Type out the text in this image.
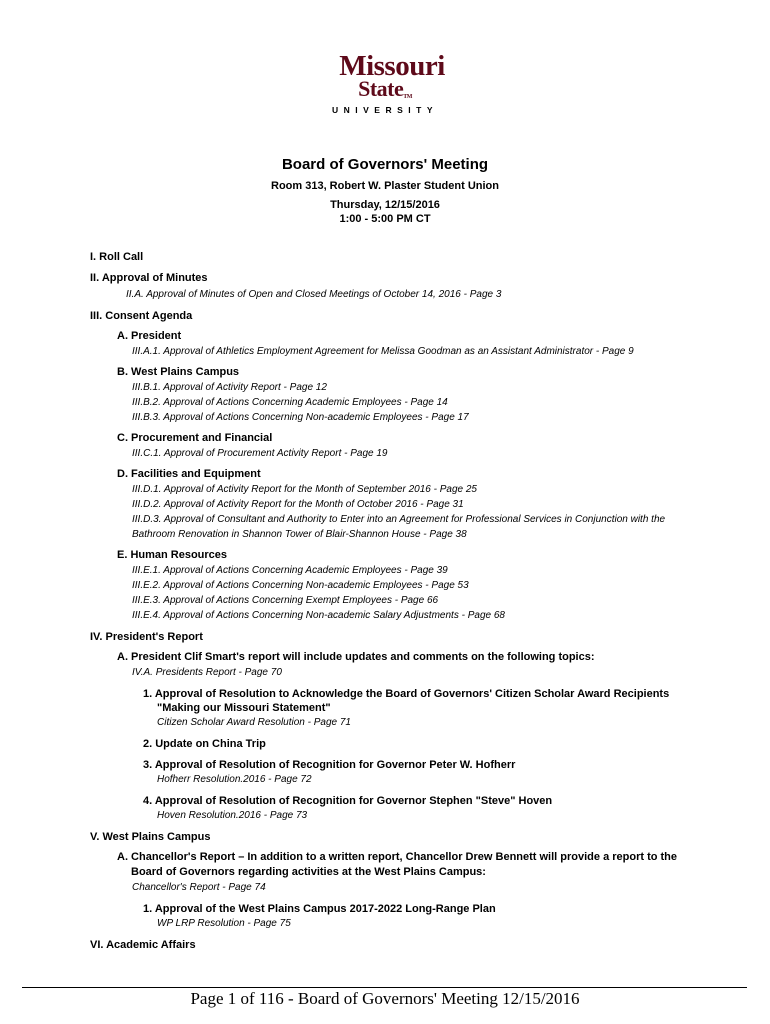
Missouri
StateTM
UNIVERSITY
Board of Governors' Meeting
Room 313, Robert W. Plaster Student Union
Thursday, 12/15/2016
1:00 - 5:00 PM CT
I. Roll Call
II. Approval of Minutes
II.A. Approval of Minutes of Open and Closed Meetings of October 14, 2016 - Page 3
III. Consent Agenda
A. President
III.A.1. Approval of Athletics Employment Agreement for Melissa Goodman as an Assistant Administrator - Page 9
B. West Plains Campus
III.B.1. Approval of Activity Report - Page 12
III.B.2. Approval of Actions Concerning Academic Employees - Page 14
III.B.3. Approval of Actions Concerning Non-academic Employees - Page 17
C. Procurement and Financial
III.C.1. Approval of Procurement Activity Report - Page 19
D. Facilities and Equipment
III.D.1. Approval of Activity Report for the Month of September 2016 - Page 25
III.D.2. Approval of Activity Report for the Month of October 2016 - Page 31
III.D.3. Approval of Consultant and Authority to Enter into an Agreement for Professional Services in Conjunction with the
Bathroom Renovation in Shannon Tower of Blair-Shannon House - Page 38
E. Human Resources
III.E.1. Approval of Actions Concerning Academic Employees - Page 39
III.E.2. Approval of Actions Concerning Non-academic Employees - Page 53
III.E.3. Approval of Actions Concerning Exempt Employees - Page 66
III.E.4. Approval of Actions Concerning Non-academic Salary Adjustments - Page 68
IV. President's Report
A. President Clif Smart's report will include updates and comments on the following topics:
IV.A. Presidents Report - Page 70
1. Approval of Resolution to Acknowledge the Board of Governors' Citizen Scholar Award Recipients
"Making our Missouri Statement"
Citizen Scholar Award Resolution - Page 71
2. Update on China Trip
3. Approval of Resolution of Recognition for Governor Peter W. Hofherr
Hofherr Resolution.2016 - Page 72
4. Approval of Resolution of Recognition for Governor Stephen "Steve" Hoven
Hoven Resolution.2016 - Page 73
V. West Plains Campus
A. Chancellor's Report – In addition to a written report, Chancellor Drew Bennett will provide a report to the
Board of Governors regarding activities at the West Plains Campus:
Chancellor's Report - Page 74
1. Approval of the West Plains Campus 2017-2022 Long-Range Plan
WP LRP Resolution - Page 75
VI. Academic Affairs
Page 1 of 116 - Board of Governors' Meeting 12/15/2016
